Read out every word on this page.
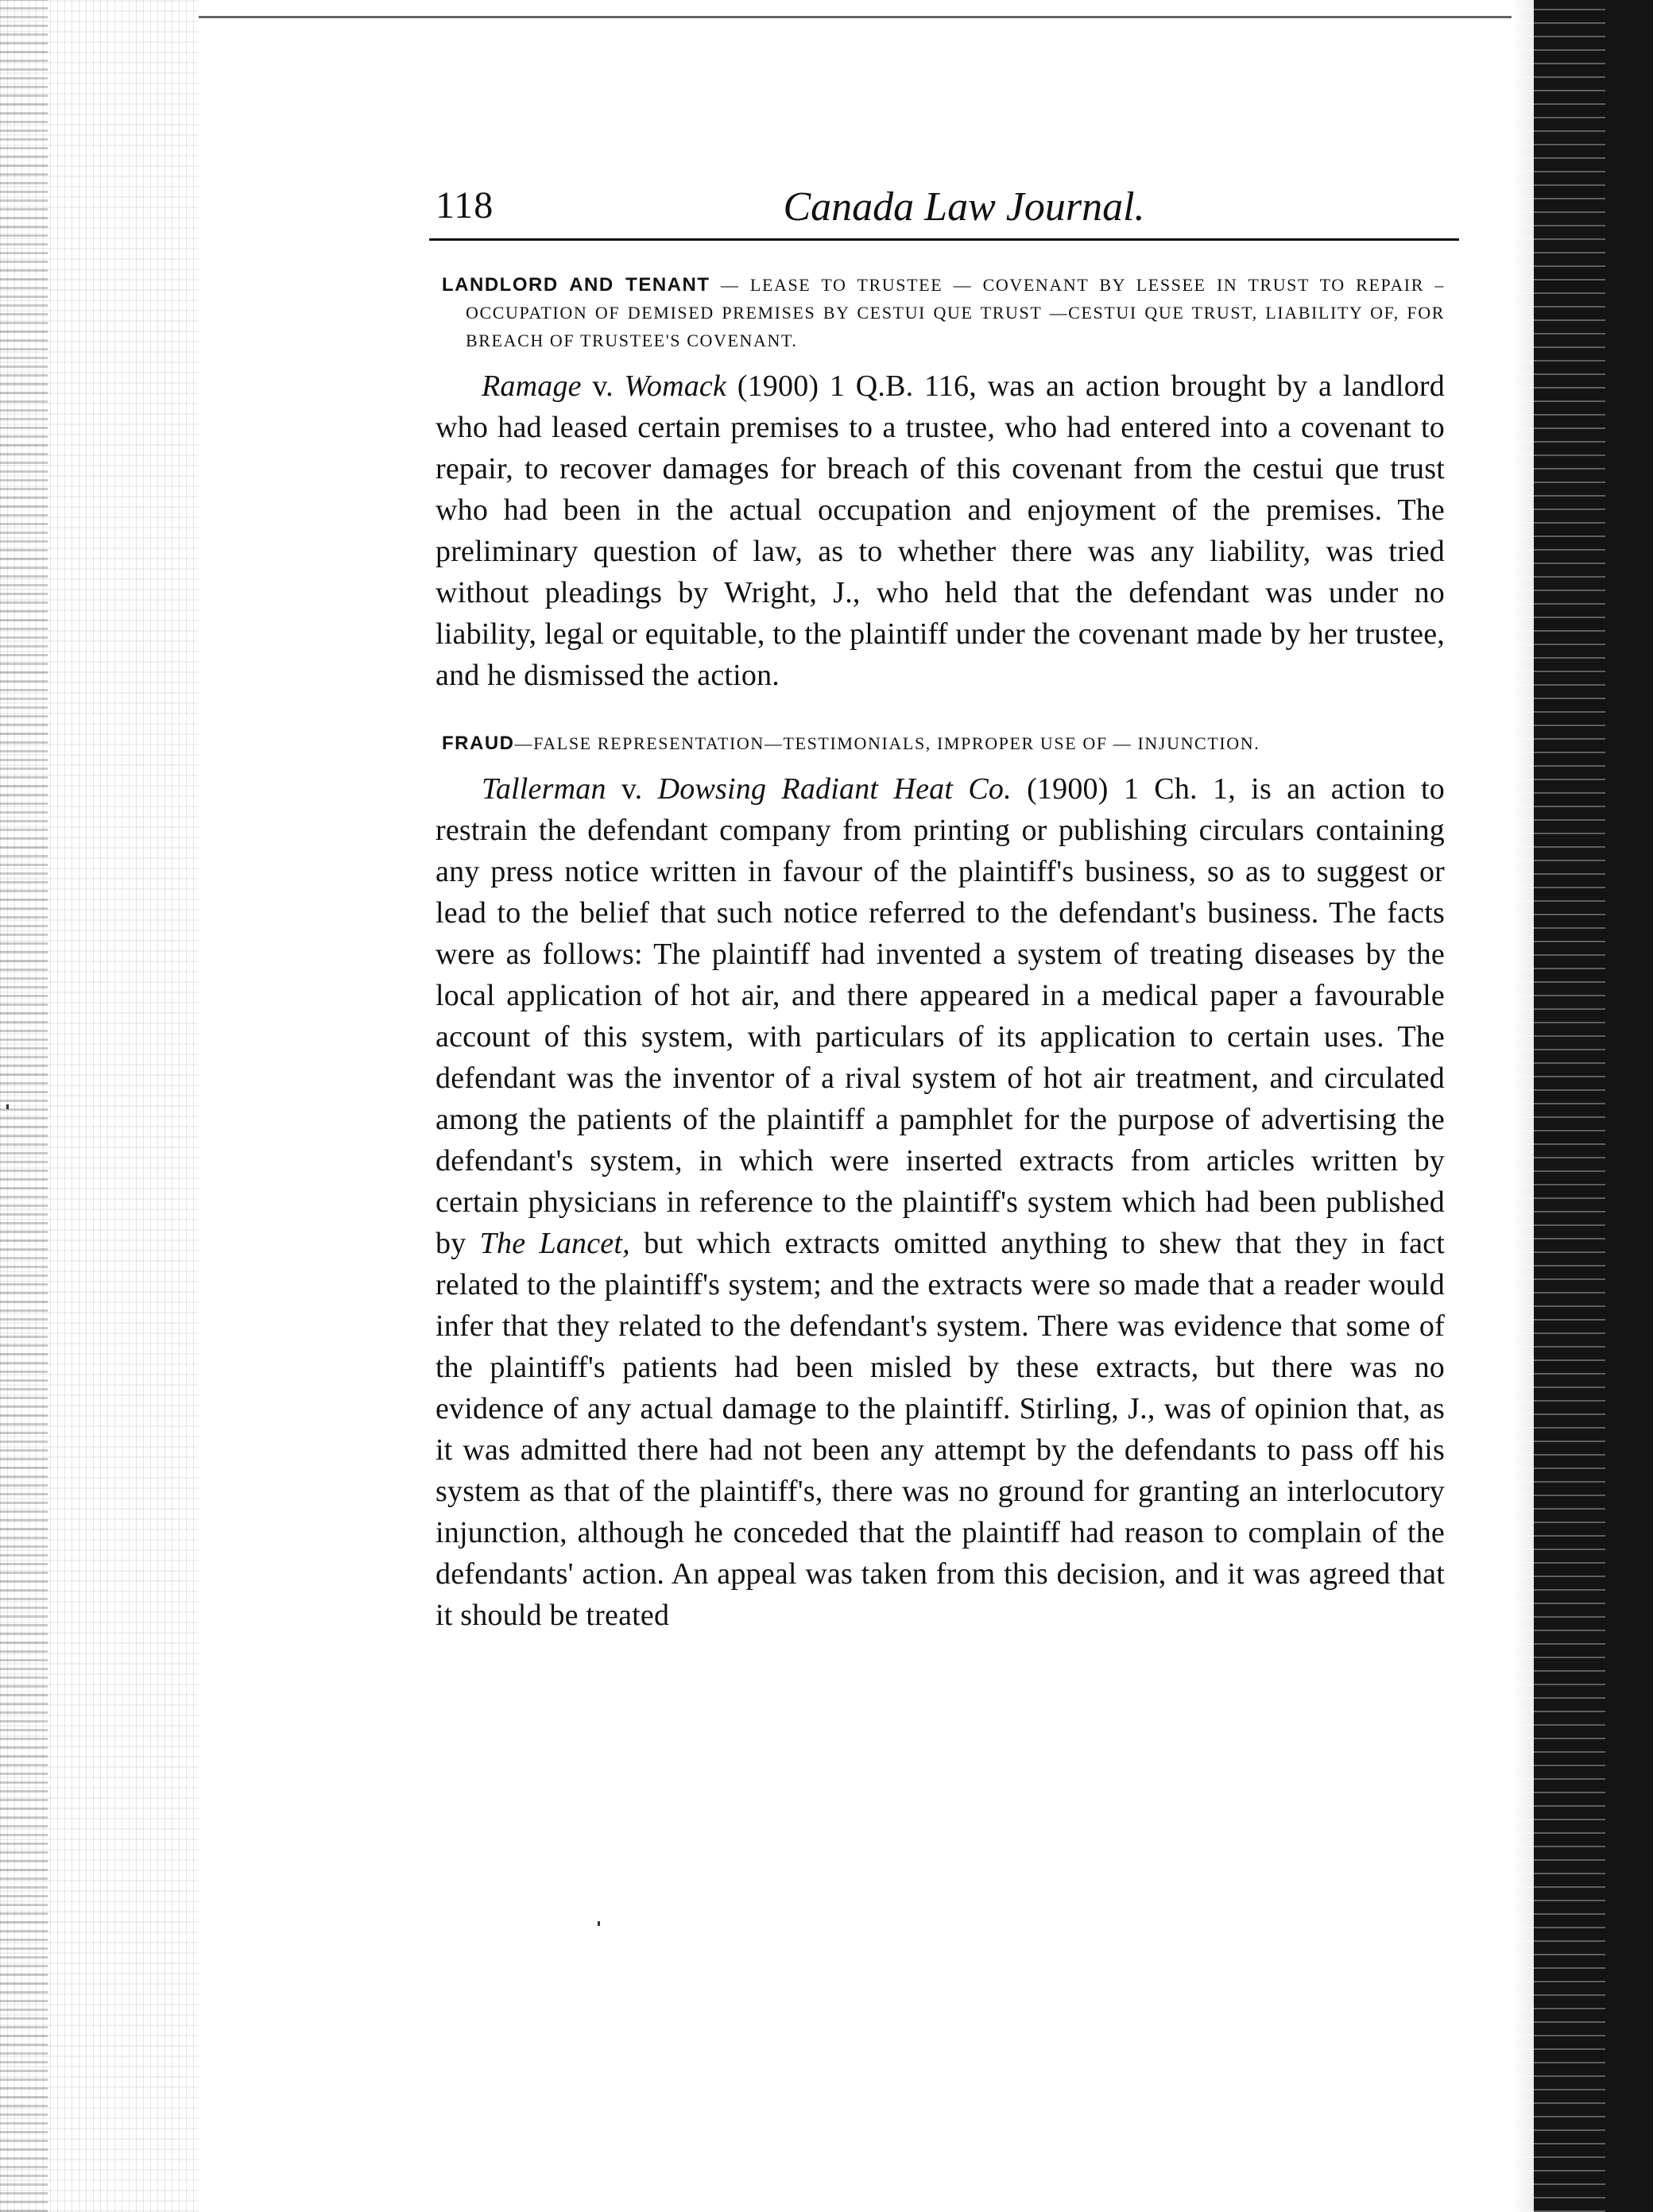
118	Canada Law Journal.
LANDLORD AND TENANT — LEASE TO TRUSTEE — COVENANT BY LESSEE IN TRUST TO REPAIR – OCCUPATION OF DEMISED PREMISES BY CESTUI QUE TRUST —CESTUI QUE TRUST, LIABILITY OF, FOR BREACH OF TRUSTEE'S COVENANT.

Ramage v. Womack (1900) 1 Q.B. 116, was an action brought by a landlord who had leased certain premises to a trustee, who had entered into a covenant to repair, to recover damages for breach of this covenant from the cestui que trust who had been in the actual occupation and enjoyment of the premises. The preliminary question of law, as to whether there was any liability, was tried without pleadings by Wright, J., who held that the defendant was under no liability, legal or equitable, to the plaintiff under the covenant made by her trustee, and he dismissed the action.

FRAUD—FALSE REPRESENTATION—TESTIMONIALS, IMPROPER USE OF — INJUNCTION.

Tallerman v. Dowsing Radiant Heat Co. (1900) 1 Ch. 1, is an action to restrain the defendant company from printing or publishing circulars containing any press notice written in favour of the plaintiff's business, so as to suggest or lead to the belief that such notice referred to the defendant's business. The facts were as follows: The plaintiff had invented a system of treating diseases by the local application of hot air, and there appeared in a medical paper a favourable account of this system, with particulars of its application to certain uses. The defendant was the inventor of a rival system of hot air treatment, and circulated among the patients of the plaintiff a pamphlet for the purpose of advertising the defendant's system, in which were inserted extracts from articles written by certain physicians in reference to the plaintiff's system which had been published by The Lancet, but which extracts omitted anything to shew that they in fact related to the plaintiff's system; and the extracts were so made that a reader would infer that they related to the defendant's system. There was evidence that some of the plaintiff's patients had been misled by these extracts, but there was no evidence of any actual damage to the plaintiff. Stirling, J., was of opinion that, as it was admitted there had not been any attempt by the defendants to pass off his system as that of the plaintiff's, there was no ground for granting an interlocutory injunction, although he conceded that the plaintiff had reason to complain of the defendants' action. An appeal was taken from this decision, and it was agreed that it should be treated
